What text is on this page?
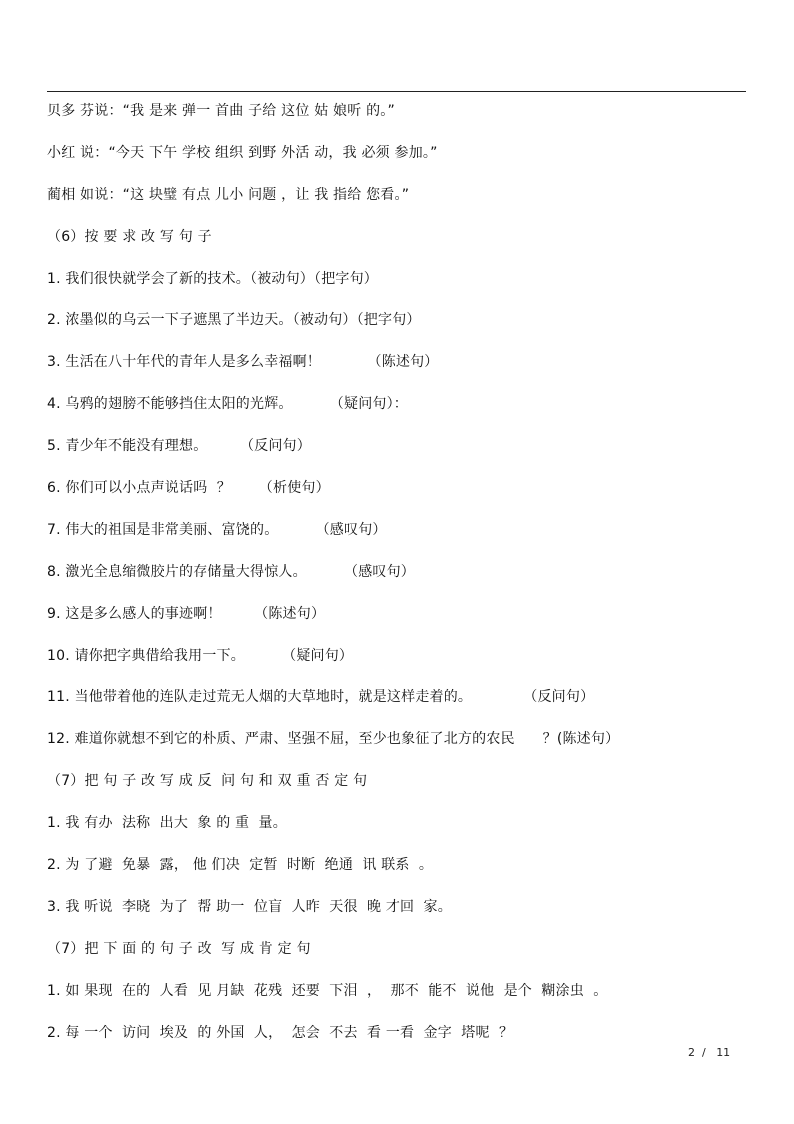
贝多 芬说：“我 是来 弹一 首曲 子给 这位 姑 娘听 的。”
小红 说：“今天 下午 学校 组织 到野 外活 动，我 必须 参加。”
蔺相 如说：“这 块璧 有点 儿小 问题 ，让 我 指给 您看。”
（6）按 要 求 改 写 句 子
1. 我们很快就学会了新的技术。（被动句）（把字句）
2. 浓墨似的乌云一下子遮黑了半边天。（被动句）（把字句）
3. 生活在八十年代的青年人是多么幸福啊！          （陈述句）
4. 乌鸦的翅膀不能够挡住太阳的光辉。        （疑问句）：
5. 青少年不能没有理想。       （反问句）
6. 你们可以小点声说话吗  ？      （析使句）
7. 伟大的祖国是非常美丽、富饶的。        （感叹句）
8. 激光全息缩微胶片的存储量大得惊人。        （感叹句）
9. 这是多么感人的事迹啊！       （陈述句）
10. 请你把字典借给我用一下。        （疑问句）
11. 当他带着他的连队走过荒无人烟的大草地时，就是这样走着的。           （反问句）
12. 难道你就想不到它的朴质、严肃、坚强不屈，至少也象征了北方的农民      ？(陈述句）
（7）把 句 子 改 写 成 反  问 句 和 双 重 否 定 句
1. 我 有办  法称  出大  象 的 重  量。
2. 为 了避  免暴  露， 他 们决  定暂  时断  绝通  讯 联系  。
3. 我 听说  李晓  为了  帮 助一  位盲  人昨  天很  晚 才回  家。
（7）把 下 面 的 句 子 改  写 成 肯 定 句
1. 如 果现  在的  人看  见 月缺  花残  还要  下泪  ，  那不  能不  说他  是个  糊涂虫  。
2. 每 一个  访问  埃及  的 外国  人，  怎会  不去  看 一看  金字  塔呢  ？
2  /   11
